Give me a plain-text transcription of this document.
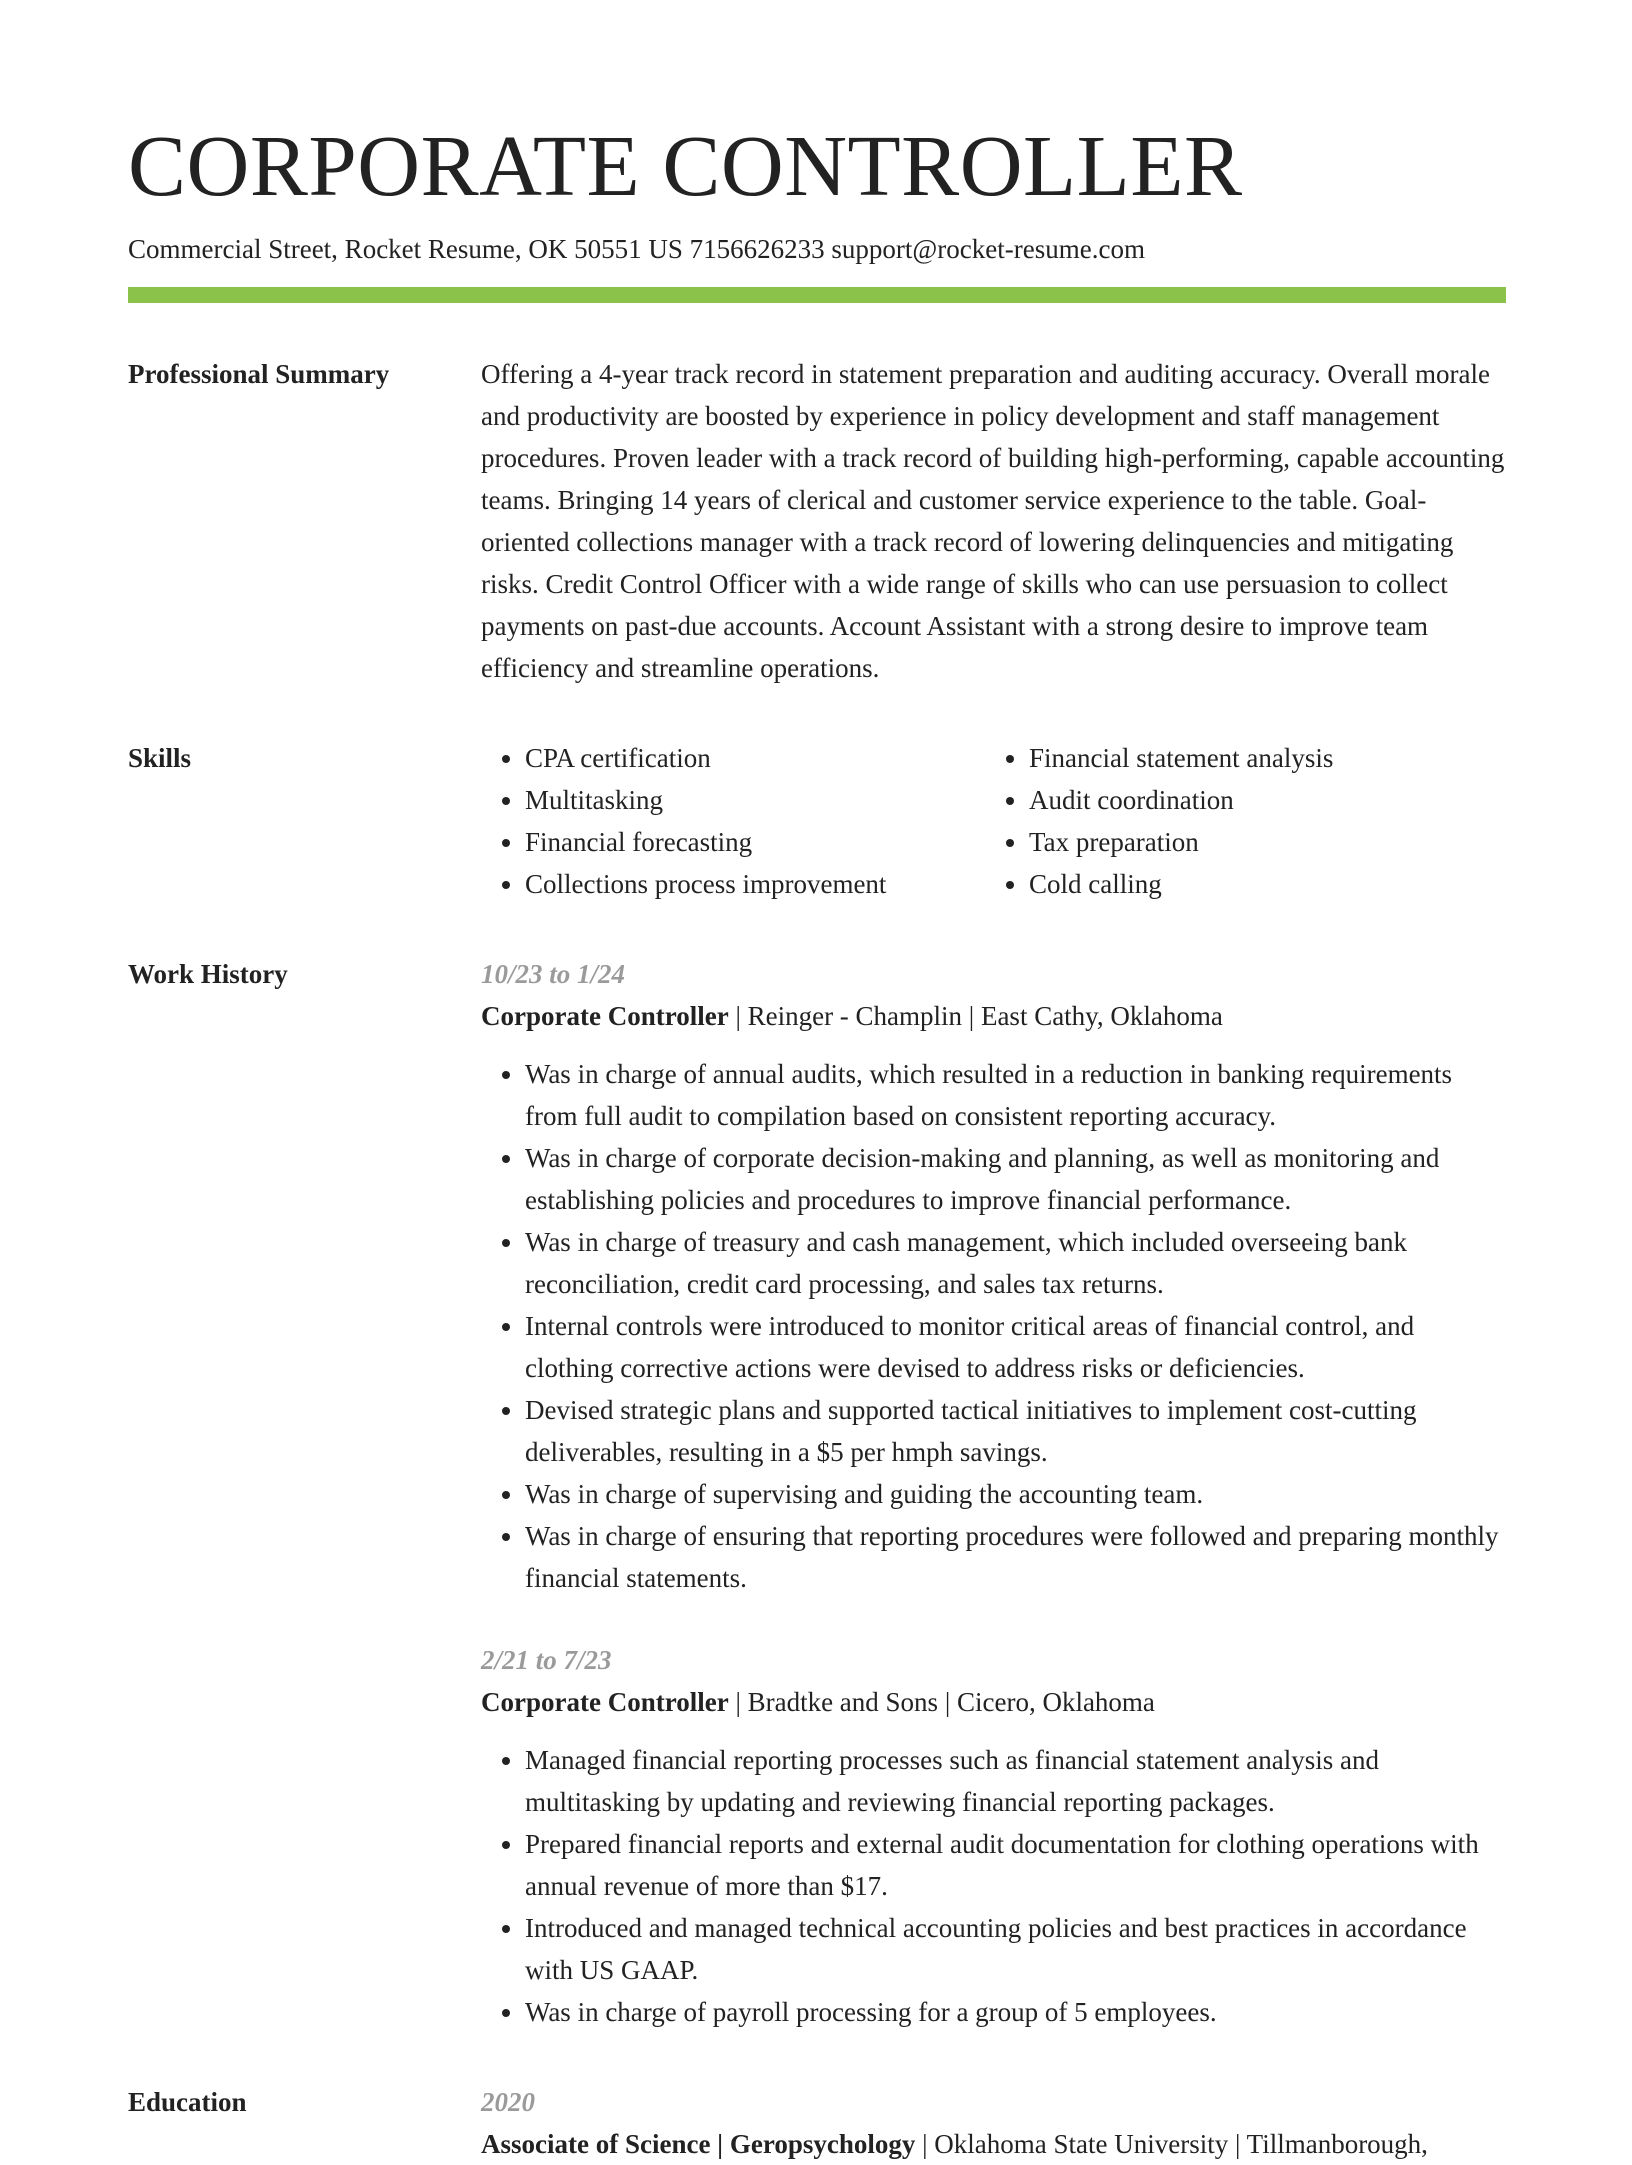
CORPORATE CONTROLLER
Commercial Street, Rocket Resume, OK 50551 US 7156626233 support@rocket-resume.com
Professional Summary	Offering a 4-year track record in statement preparation and auditing accuracy. Overall morale and productivity are boosted by experience in policy development and staff management procedures. Proven leader with a track record of building high-performing, capable accounting teams. Bringing 14 years of clerical and customer service experience to the table. Goal-oriented collections manager with a track record of lowering delinquencies and mitigating risks. Credit Control Officer with a wide range of skills who can use persuasion to collect payments on past-due accounts. Account Assistant with a strong desire to improve team efficiency and streamline operations.

Skills
•	CPA certification
• Multitasking
• Financial forecasting
• Collections process improvement
• Financial statement analysis
• Audit coordination
• Tax preparation
• Cold calling
Work History	10/23 to 1/24
Corporate Controller | Reinger - Champlin | East Cathy, Oklahoma
• Was in charge of annual audits, which resulted in a reduction in banking requirements from full audit to compilation based on consistent reporting accuracy.
• Was in charge of corporate decision-making and planning, as well as monitoring and establishing policies and procedures to improve financial performance.
• Was in charge of treasury and cash management, which included overseeing bank reconciliation, credit card processing, and sales tax returns.
• Internal controls were introduced to monitor critical areas of financial control, and clothing corrective actions were devised to address risks or deficiencies.
• Devised strategic plans and supported tactical initiatives to implement cost-cutting deliverables, resulting in a $5 per hmph savings.
• Was in charge of supervising and guiding the accounting team.
• Was in charge of ensuring that reporting procedures were followed and preparing monthly financial statements.
2/21 to 7/23
Corporate Controller | Bradtke and Sons | Cicero, Oklahoma
• Managed financial reporting processes such as financial statement analysis and multitasking by updating and reviewing financial reporting packages.
• Prepared financial reports and external audit documentation for clothing operations with annual revenue of more than $17.
• Introduced and managed technical accounting policies and best practices in accordance with US GAAP.
• Was in charge of payroll processing for a group of 5 employees.
Education	2020
Associate of Science | Geropsychology | Oklahoma State University | Tillmanborough,
